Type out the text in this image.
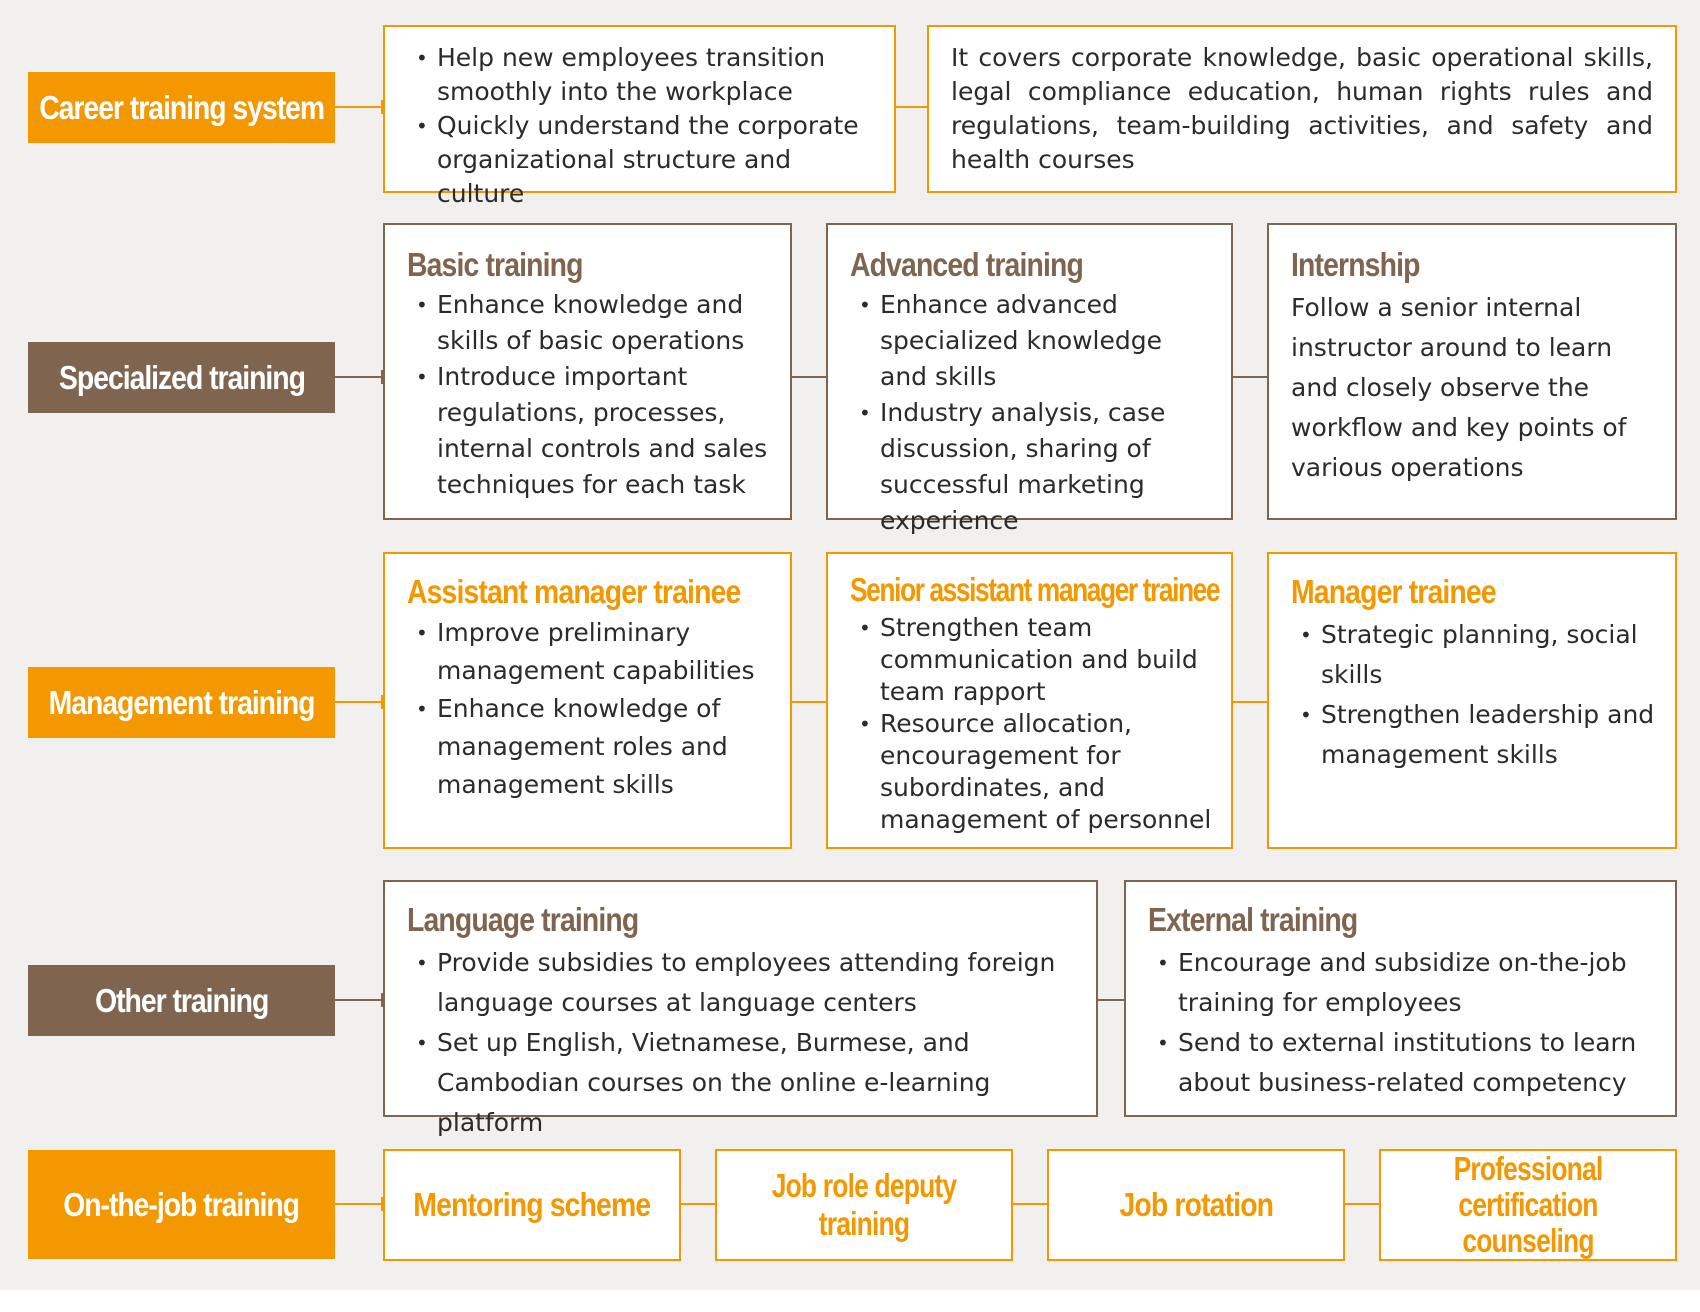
Career training system
• Help new employees transition smoothly into the workplace
• Quickly understand the corporate organizational structure and culture

It covers corporate knowledge, basic operational skills, legal compliance education, human rights rules and regulations, team-building activities, and safety and health courses

Specialized training
Basic training
• Enhance knowledge and skills of basic operations
• Introduce important regulations, processes, internal controls and sales techniques for each task
Advanced training
• Enhance advanced specialized knowledge and skills
• Industry analysis, case discussion, sharing of successful marketing experience
Internship

Follow a senior internal instructor around to learn and closely observe the workflow and key points of various operations

Management training
Assistant manager trainee
• Improve preliminary management capabilities
• Enhance knowledge of management roles and management skills
Senior assistant manager trainee
• Strengthen team communication and build team rapport
• Resource allocation, encouragement for subordinates, and management of personnel
Manager trainee
• Strategic planning, social skills
• Strengthen leadership and management skills
Other training
Language training
• Provide subsidies to employees attending foreign language courses at language centers
• Set up English, Vietnamese, Burmese, and Cambodian courses on the online e-learning platform
External training
• Encourage and subsidize on-the-job training for employees
• Send to external institutions to learn about business-related competency
On-the-job training	Mentoring scheme
Job role deputy training
Job rotation
Professional certification counseling
